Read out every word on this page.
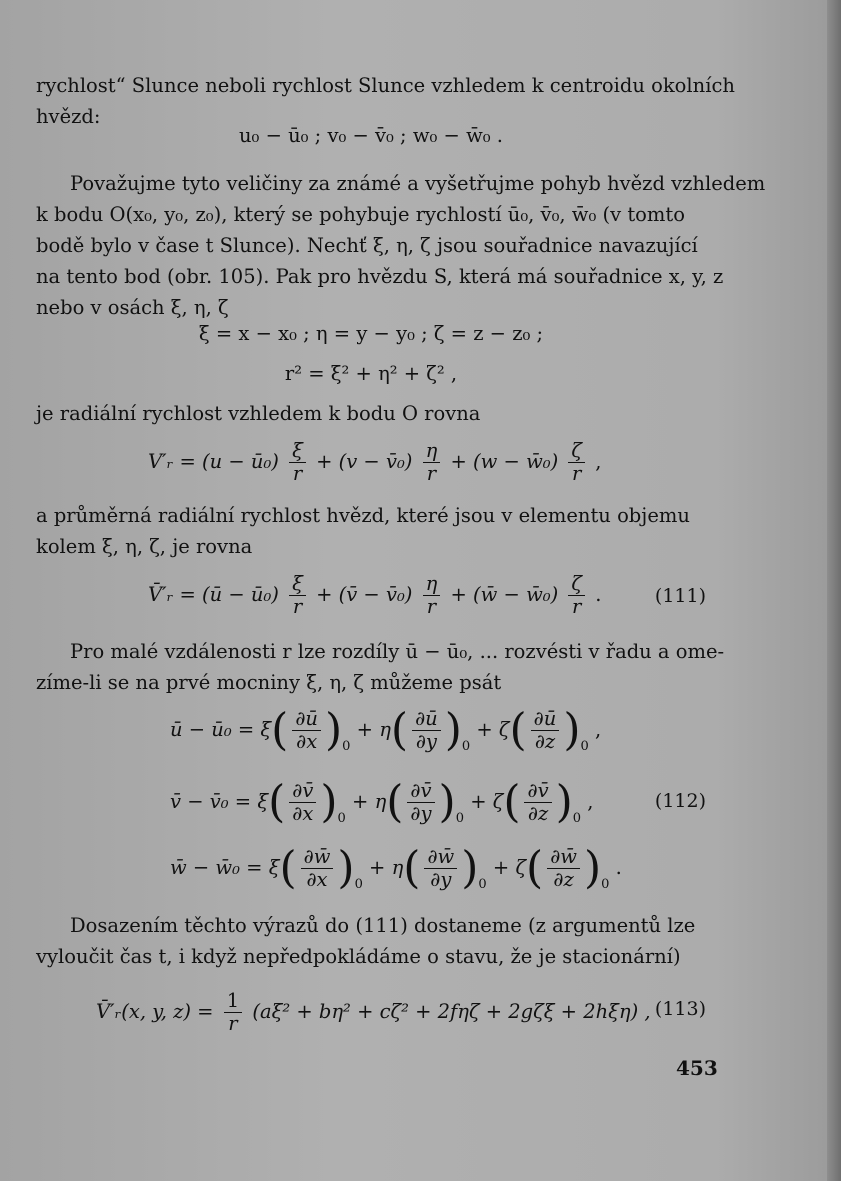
rychlost“ Slunce neboli rychlost Slunce vzhledem k centroidu okolních
hvězd:

u₀ − ū₀ ; v₀ − v̄₀ ; w₀ − w̄₀ .

Považujme tyto veličiny za známé a vyšetřujme pohyb hvězd vzhledem

k bodu O(x₀, y₀, z₀), který se pohybuje rychlostí ū₀, v̄₀, w̄₀ (v tomto
bodě bylo v čase t Slunce). Nechť ξ, η, ζ jsou souřadnice navazující
na tento bod (obr. 105). Pak pro hvězdu S, která má souřadnice x, y, z
nebo v osách ξ, η, ζ

ξ = x − x₀ ; η = y − y₀ ; ζ = z − z₀ ;
r² = ξ² + η² + ζ² ,

je radiální rychlost vzhledem k bodu O rovna

V′ᵣ = (u − ū₀) $\frac{\xi}{r} + (v$ − v̄₀) $\frac{\eta}{r} + (w$ − w̄₀) $\frac{\zeta}{r}$ ,

a průměrná radiální rychlost hvězd, které jsou v elementu objemu
kolem ξ, η, ζ, je rovna

V̄′ᵣ = (ū − ū₀) $\frac{\xi}{r}$ + (v̄ − v̄₀) $\frac{\eta}{r}$ + (w̄ − w̄₀) $\frac{\zeta}{r}$ .	(111)

Pro malé vzdálenosti r lze rozdíly ū − ū₀, ... rozvésti v řadu a ome-

zíme-li se na prvé mocniny ξ, η, ζ můžeme psát

ū − ū₀ = $\xi( \frac{\partial ū}{\partial x} )_0 + \eta( \frac{\partial ū}{\partial y} )_0 + \zeta( \frac{\partial ū}{\partial z} )_0$ ,
v̄ − v̄₀ = $\xi( \frac{\partial v̄}{\partial x} )_0 + \eta( \frac{\partial v̄}{\partial y} )_0 + \zeta( \frac{\partial v̄}{\partial z} )_0$ ,	(112)
w̄ − w̄₀ = $\xi( \frac{\partial w̄}{\partial x} )_0 + \eta( \frac{\partial w̄}{\partial y} )_0 + \zeta( \frac{\partial w̄}{\partial z} )_0$ .

Dosazením těchto výrazů do (111) dostaneme (z argumentů lze

vyloučit čas t, i když nepředpokládáme o stavu, že je stacionární)

V̄′ᵣ(x, y, $z) = \frac{1}{r} (a\xi^2 + b\eta^2 + c\zeta^2 + 2f\eta\zeta + 2g\zeta\xi + 2h\xi\eta)$ , (113)
453
